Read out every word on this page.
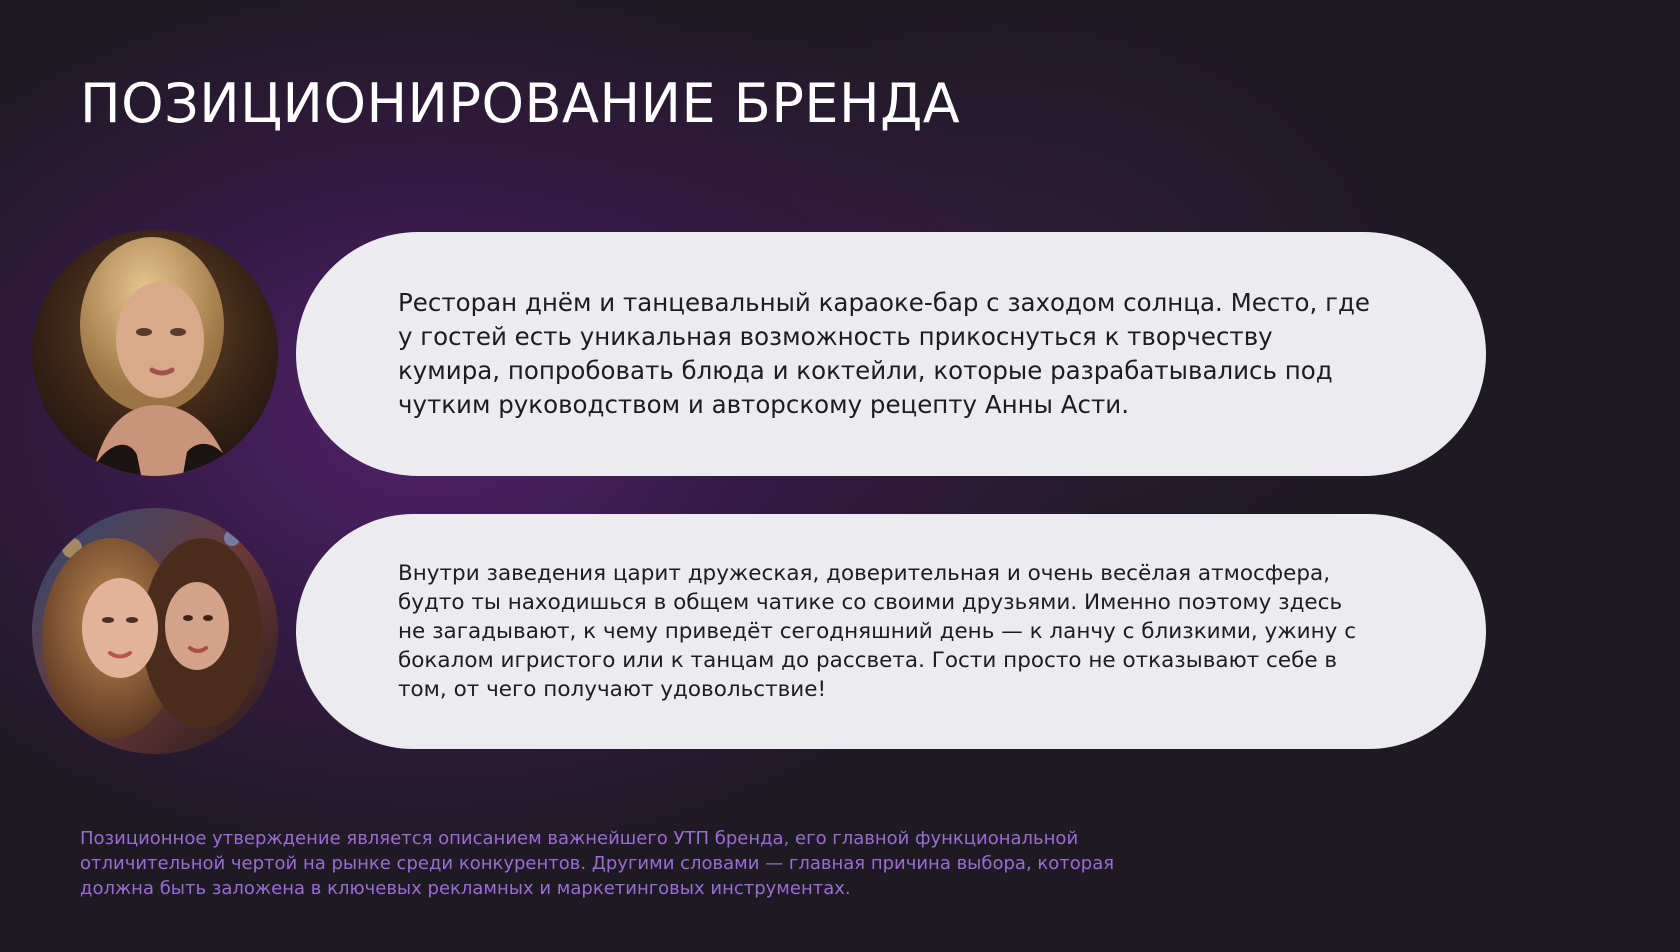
ПОЗИЦИОНИРОВАНИЕ БРЕНДА

Ресторан днём и танцевальный караоке-бар с заходом солнца. Место, где у гостей есть уникальная возможность прикоснуться к творчеству кумира, попробовать блюда и коктейли, которые разрабатывались под чутким руководством и авторскому рецепту Анны Асти.

Внутри заведения царит дружеская, доверительная и очень весёлая атмосфера, будто ты находишься в общем чатике со своими друзьями. Именно поэтому здесь не загадывают, к чему приведёт сегодняшний день — к ланчу с близкими, ужину с бокалом игристого или к танцам до рассвета. Гости просто не отказывают себе в том, от чего получают удовольствие!

Позиционное утверждение является описанием важнейшего УТП бренда, его главной функциональной отличительной чертой на рынке среди конкурентов. Другими словами — главная причина выбора, которая должна быть заложена в ключевых рекламных и маркетинговых инструментах.
